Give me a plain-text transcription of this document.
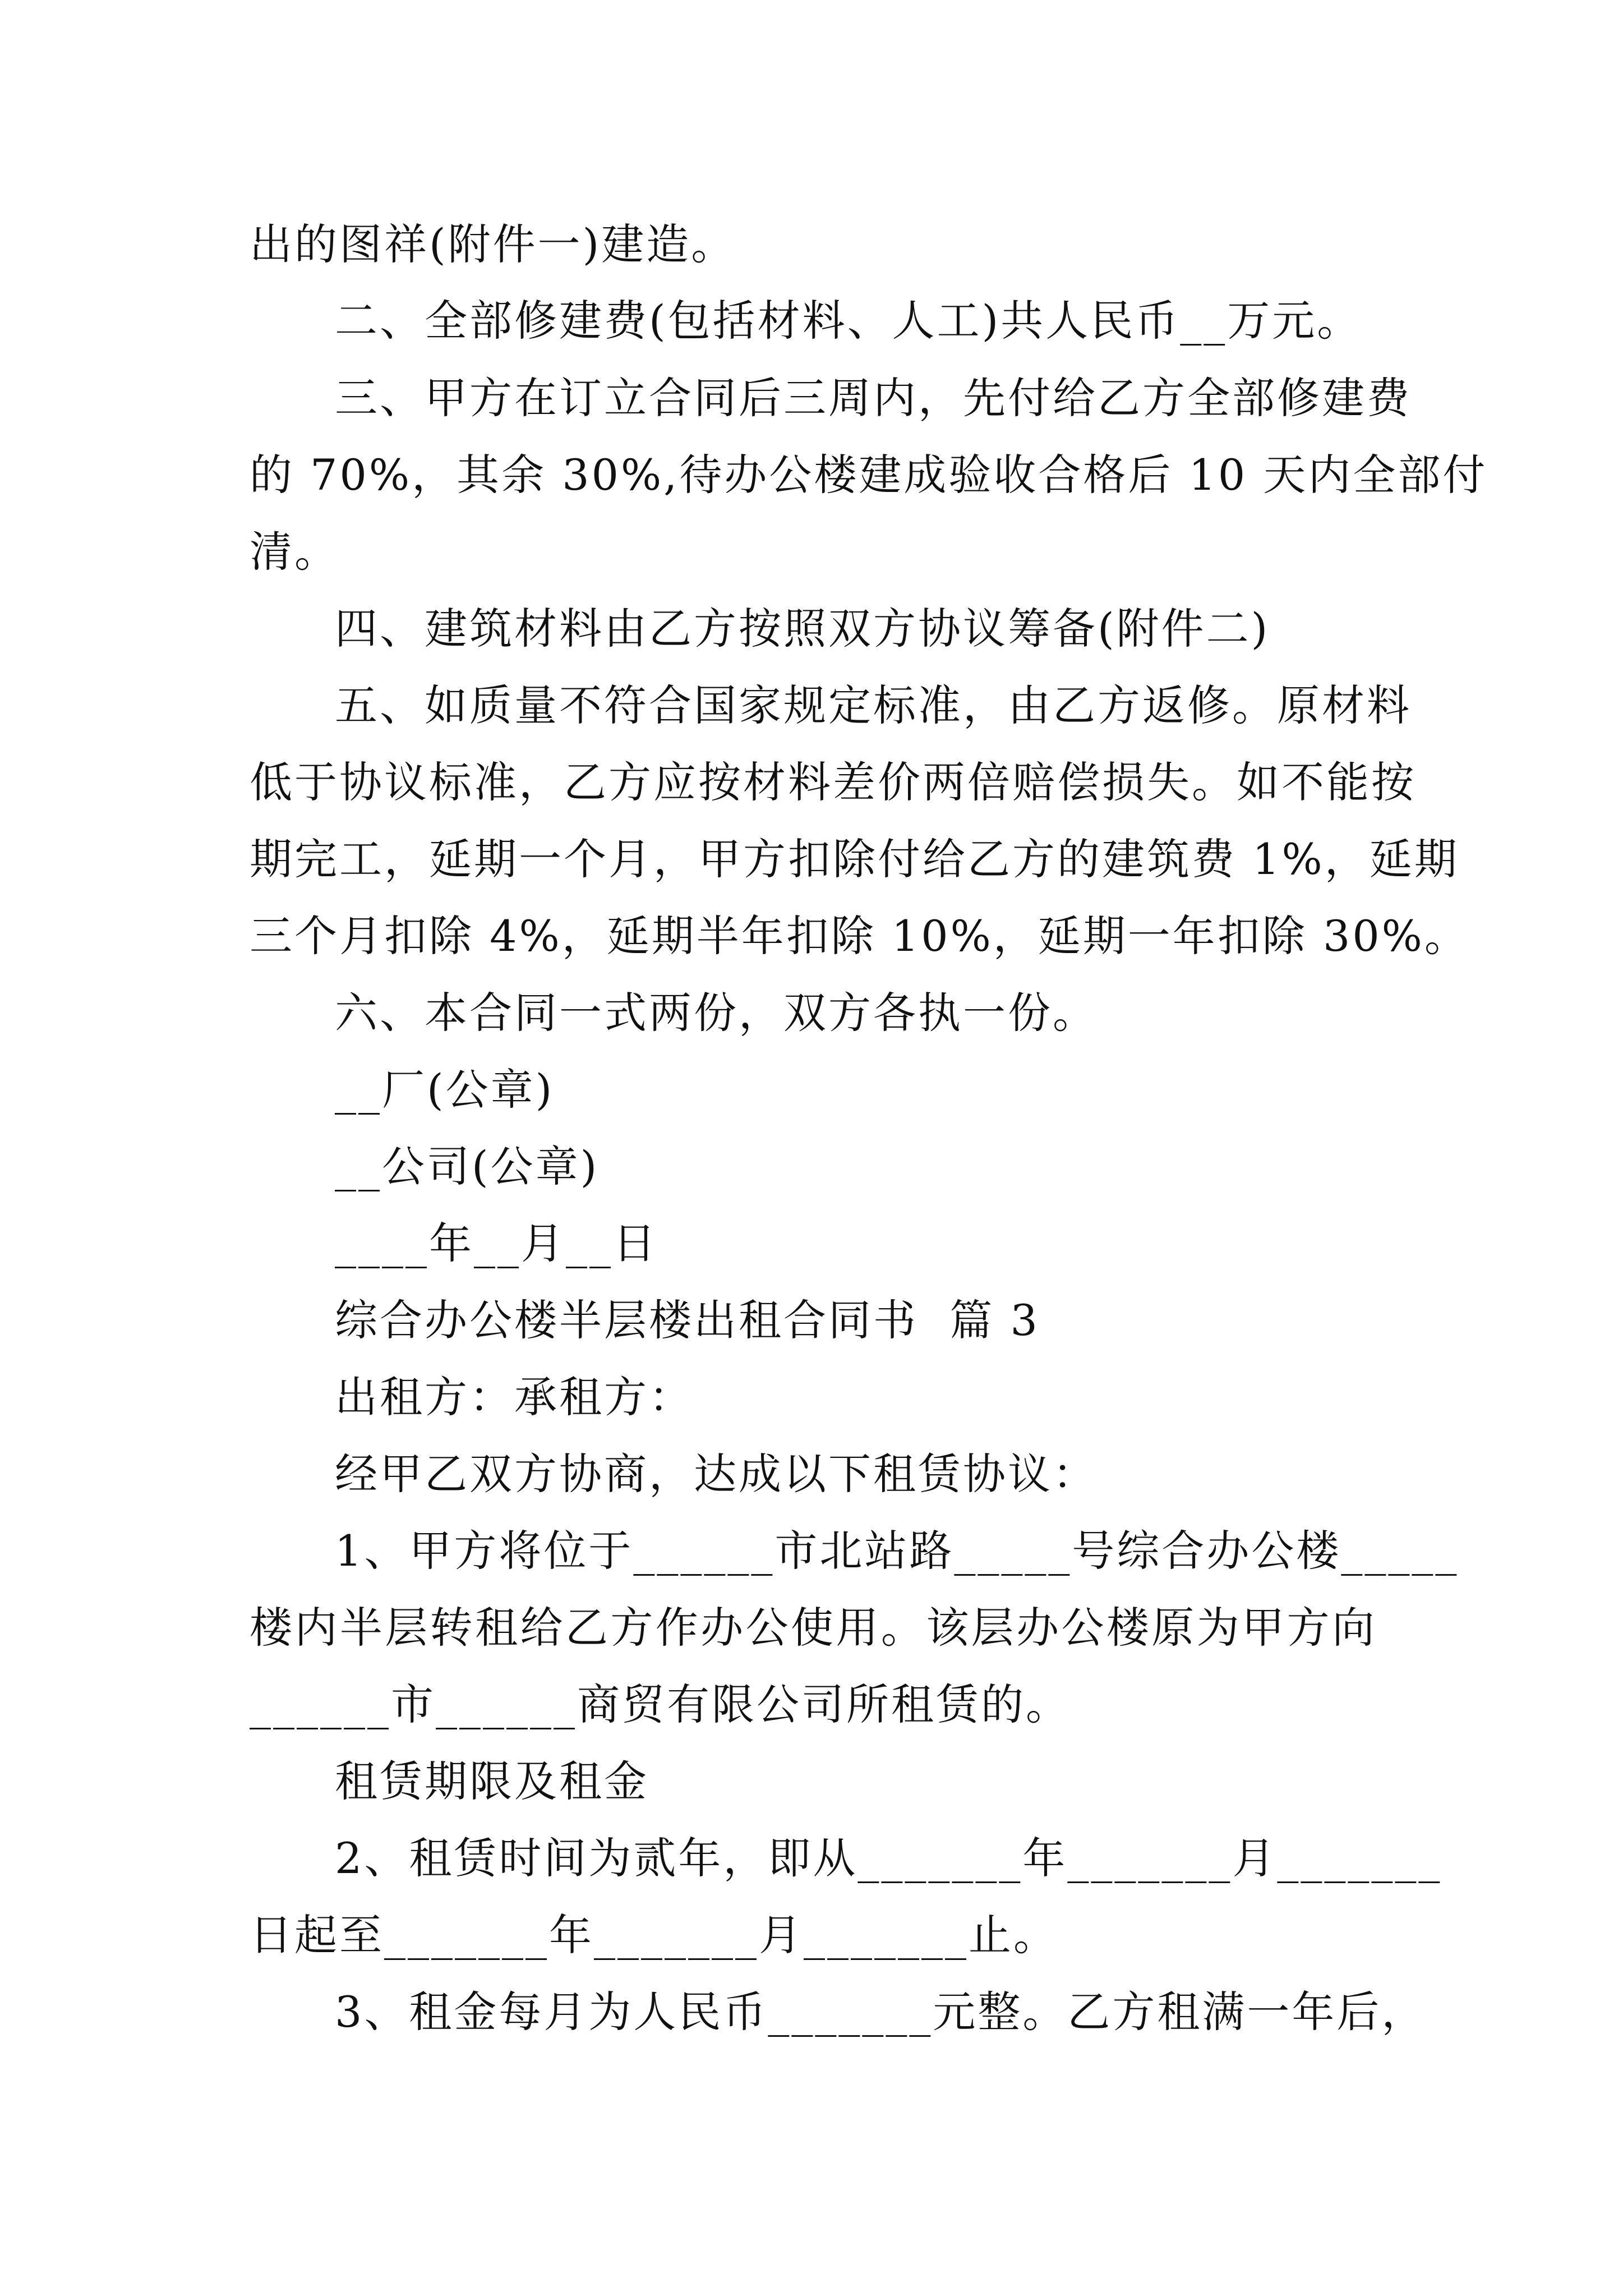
出的图祥(附件一)建造。
二、全部修建费(包括材料、人工)共人民币__万元。
三、甲方在订立合同后三周内，先付给乙方全部修建费
的 70%，其余 30%,待办公楼建成验收合格后 10 天内全部付
清。
四、建筑材料由乙方按照双方协议筹备(附件二)
五、如质量不符合国家规定标准，由乙方返修。原材料
低于协议标准，乙方应按材料差价两倍赔偿损失。如不能按
期完工，延期一个月，甲方扣除付给乙方的建筑费 1%，延期
三个月扣除 4%，延期半年扣除 10%，延期一年扣除 30%。
六、本合同一式两份，双方各执一份。
__厂(公章)
__公司(公章)
____年__月__日
综合办公楼半层楼出租合同书  篇 3
出租方：承租方：
经甲乙双方协商，达成以下租赁协议：
1、甲方将位于______市北站路_____号综合办公楼_____
楼内半层转租给乙方作办公使用。该层办公楼原为甲方向
______市______商贸有限公司所租赁的。
租赁期限及租金
2、租赁时间为贰年，即从_______年_______月_______
日起至_______年_______月_______止。
3、租金每月为人民币_______元整。乙方租满一年后，
